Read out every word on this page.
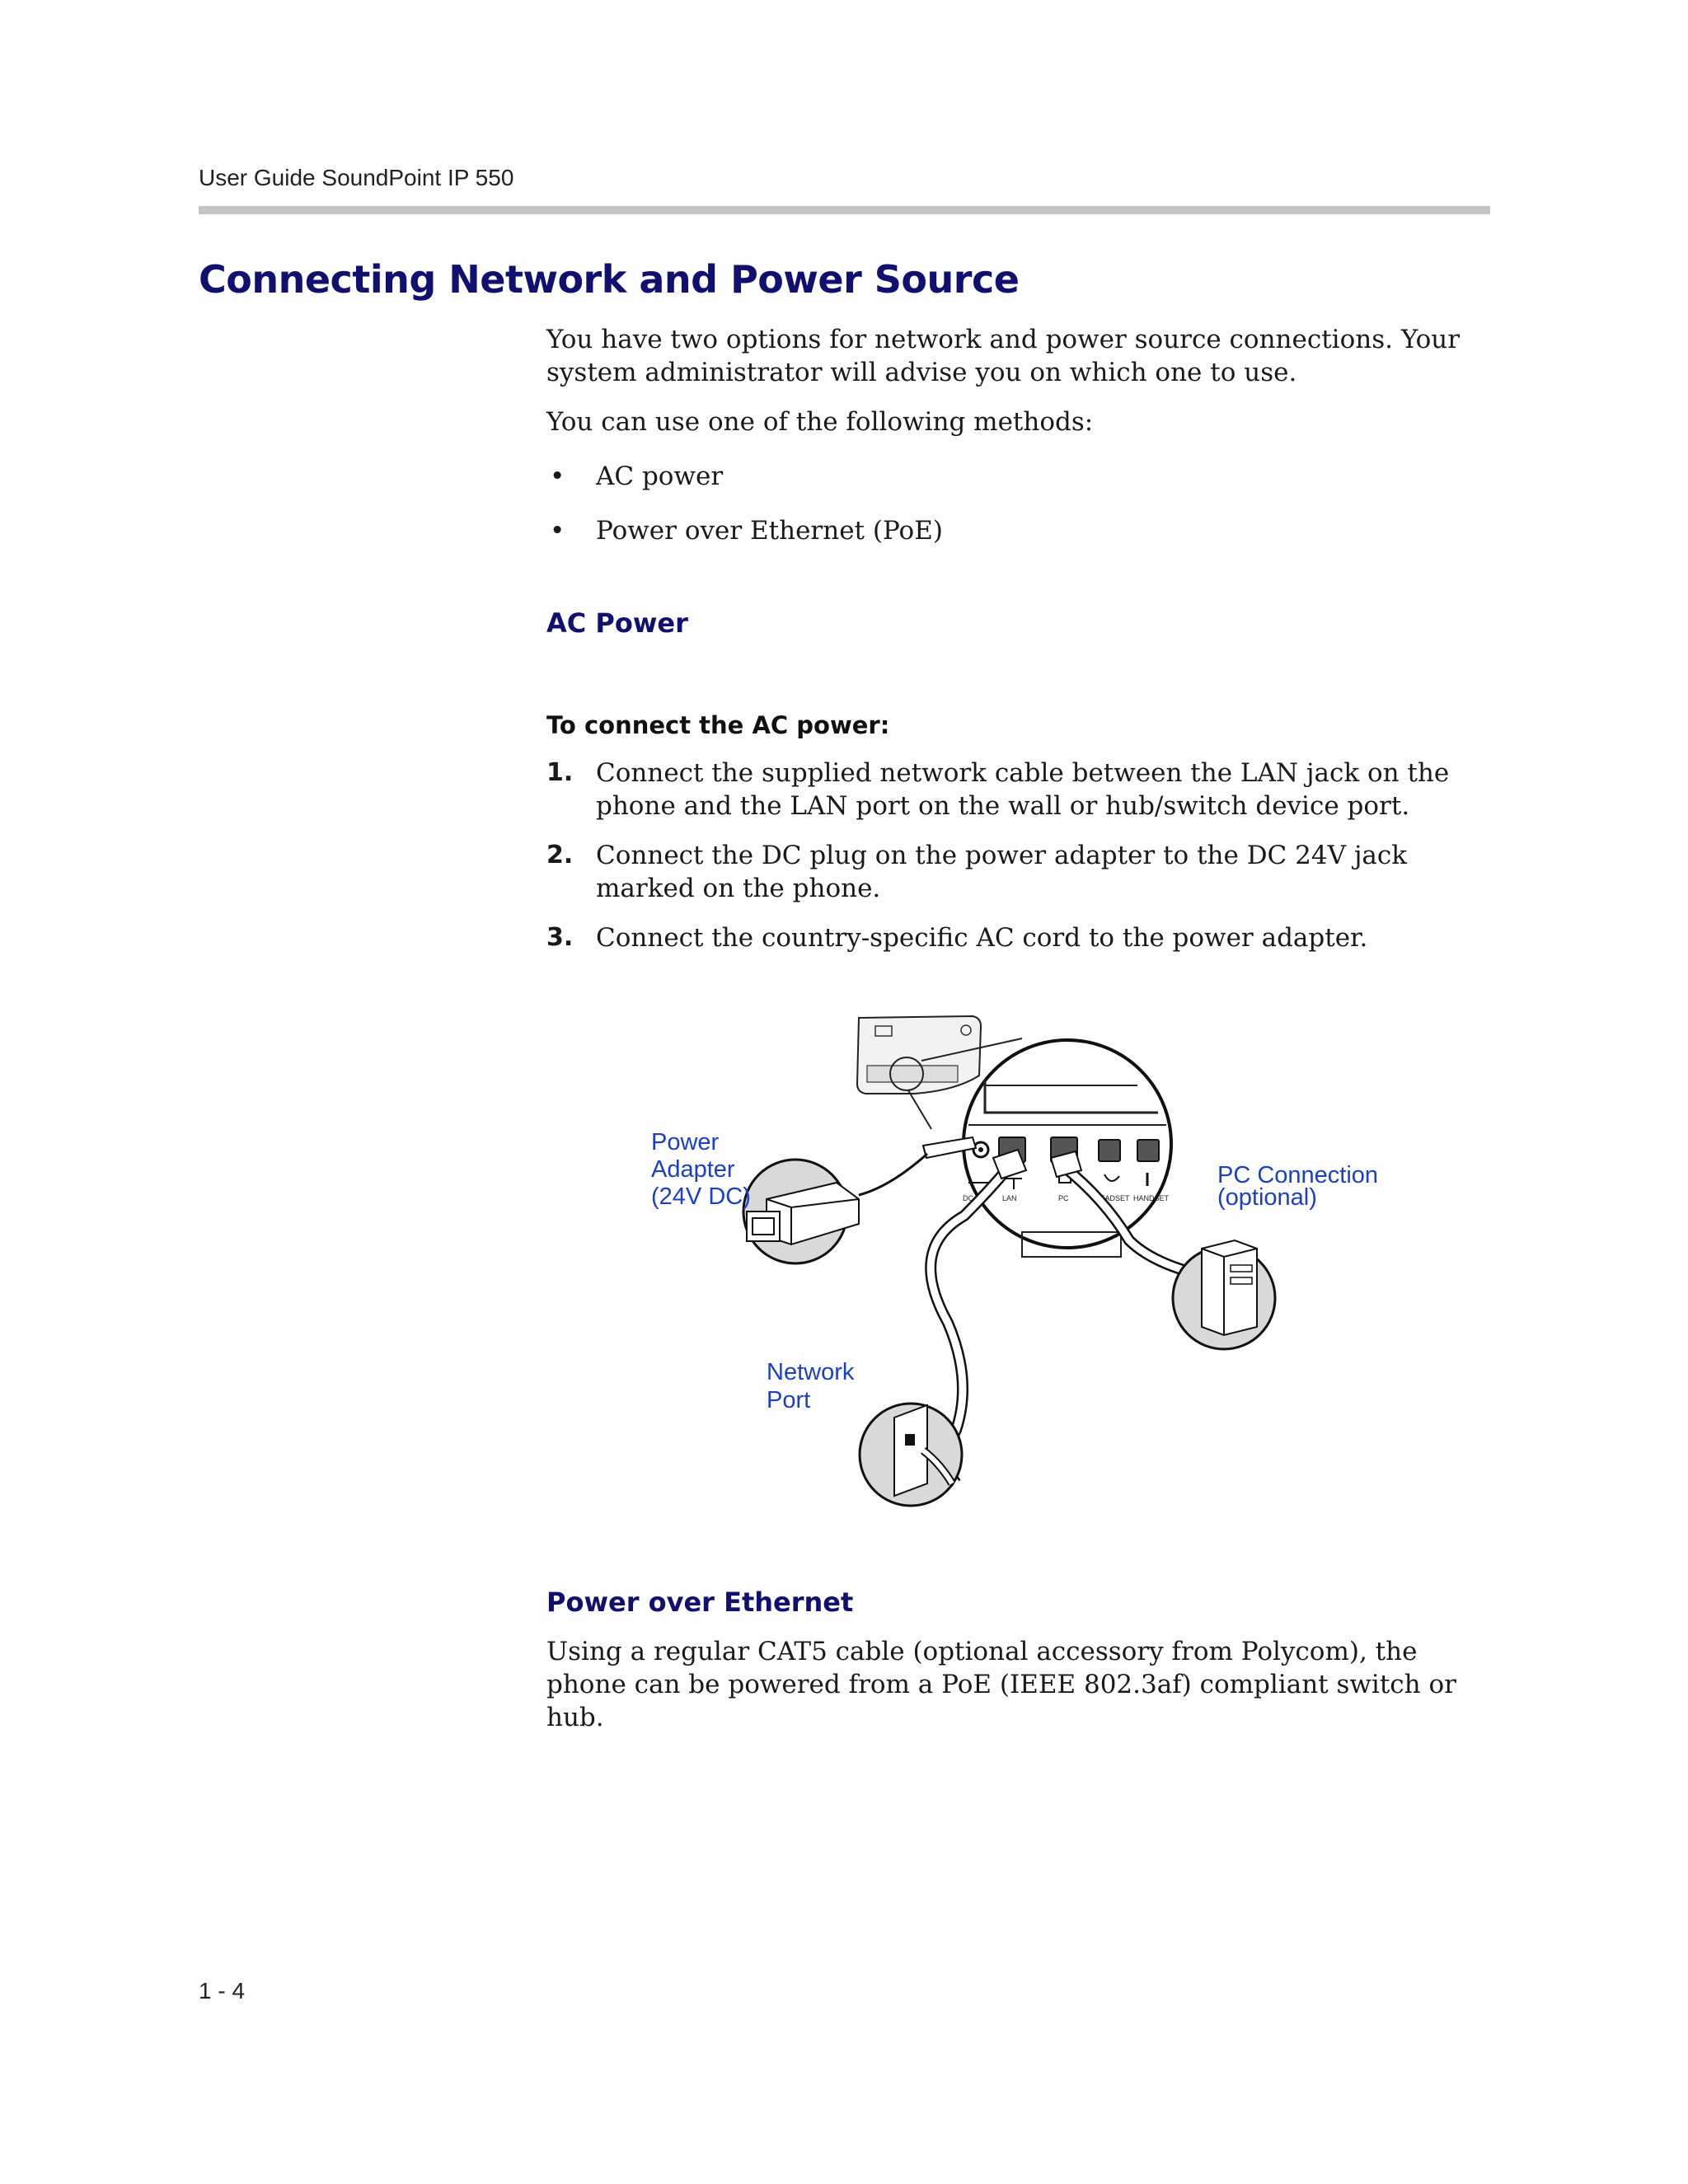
User Guide SoundPoint IP 550
Connecting Network and Power Source

You have two options for network and power source connections. Your system administrator will advise you on which one to use.

You can use one of the following methods:

• AC power
• Power over Ethernet (PoE)
AC Power
To connect the AC power:
1. Connect the supplied network cable between the LAN jack on the phone and the LAN port on the wall or hub/switch device port.
2. Connect the DC plug on the power adapter to the DC 24V jack marked on the phone.
3. Connect the country-specific AC cord to the power adapter.
Power over Ethernet

Using a regular CAT5 cable (optional accessory from Polycom), the phone can be powered from a PoE (IEEE 802.3af) compliant switch or hub.

DC 24V LAN	PC	HEADSET HANDSET
Power
Adapter
(24V DC)
PC Connection
(optional)
Network
Port
1 - 4
